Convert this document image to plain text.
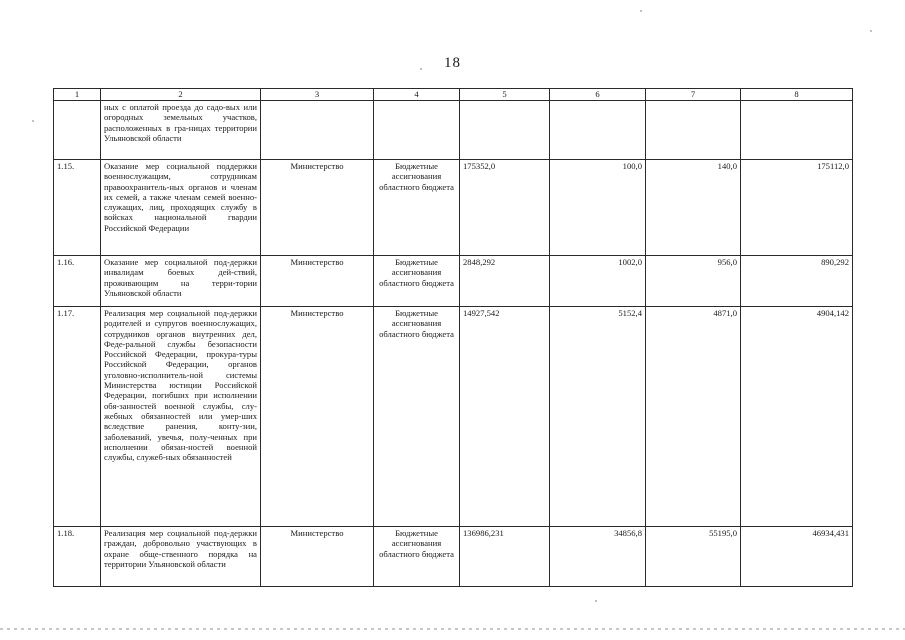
18
1	2	3	4	5	6	7	8
	ных с оплатой проезда до садо-вых или огородных земельных участков, расположенных в гра-ницах территории Ульяновской области						
1.15.	Оказание мер социальной поддержки военнослужащим, сотрудникам правоохранитель-ных органов и членам их семей, а также членам семей военно-служащих, лиц, проходящих службу в войсках национальной гвардии Российской Федерации	Министерство	Бюджетные ассигнования областного бюджета	175352,0	100,0	140,0	175112,0
1.16.	Оказание мер социальной под-держки инвалидам боевых дей-ствий, проживающим на терри-тории Ульяновской области	Министерство	Бюджетные ассигнования областного бюджета	2848,292	1002,0	956,0	890,292
1.17.	Реализация мер социальной под-держки родителей и супругов военнослужащих, сотрудников органов внутренних дел, Феде-ральной службы безопасности Российской Федерации, прокура-туры Российской Федерации, органов уголовно-исполнитель-ной системы Министерства юстиции Российской Федерации, погибших при исполнении обя-занностей военной службы, слу-жебных обязанностей или умер-ших вследствие ранения, конту-зии, заболеваний, увечья, полу-ченных при исполнении обязан-ностей военной службы, служеб-ных обязанностей	Министерство	Бюджетные ассигнования областного бюджета	14927,542	5152,4	4871,0	4904,142
1.18.	Реализация мер социальной под-держки граждан, добровольно участвующих в охране обще-ственного порядка на территории Ульяновской области	Министерство	Бюджетные ассигнования областного бюджета	136986,231	34856,8	55195,0	46934,431
